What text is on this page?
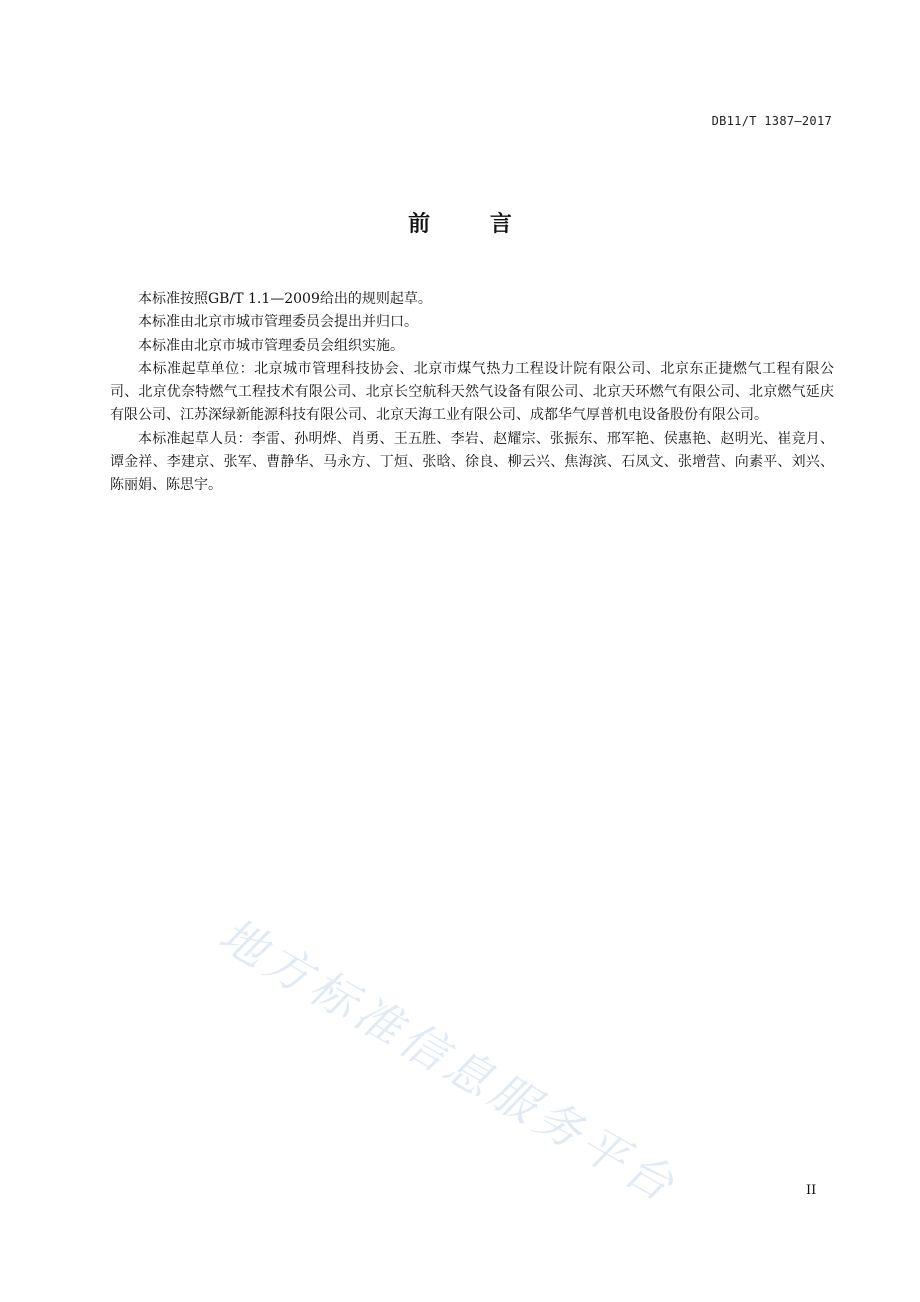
DB11/T 1387—2017
前 言

本标准按照GB/T 1.1—2009给出的规则起草。

本标准由北京市城市管理委员会提出并归口。

本标准由北京市城市管理委员会组织实施。

本标准起草单位：北京城市管理科技协会、北京市煤气热力工程设计院有限公司、北京东正捷燃气工程有限公司、北京优奈特燃气工程技术有限公司、北京长空航科天然气设备有限公司、北京天环燃气有限公司、北京燃气延庆有限公司、江苏深绿新能源科技有限公司、北京天海工业有限公司、成都华气厚普机电设备股份有限公司。

本标准起草人员：李雷、孙明烨、肖勇、王五胜、李岩、赵耀宗、张振东、邢军艳、侯惠艳、赵明光、崔竞月、谭金祥、李建京、张军、曹静华、马永方、丁烜、张晗、徐良、柳云兴、焦海滨、石凤文、张增营、向素平、刘兴、陈丽娟、陈思宇。

地方标准信息服务平台	II
